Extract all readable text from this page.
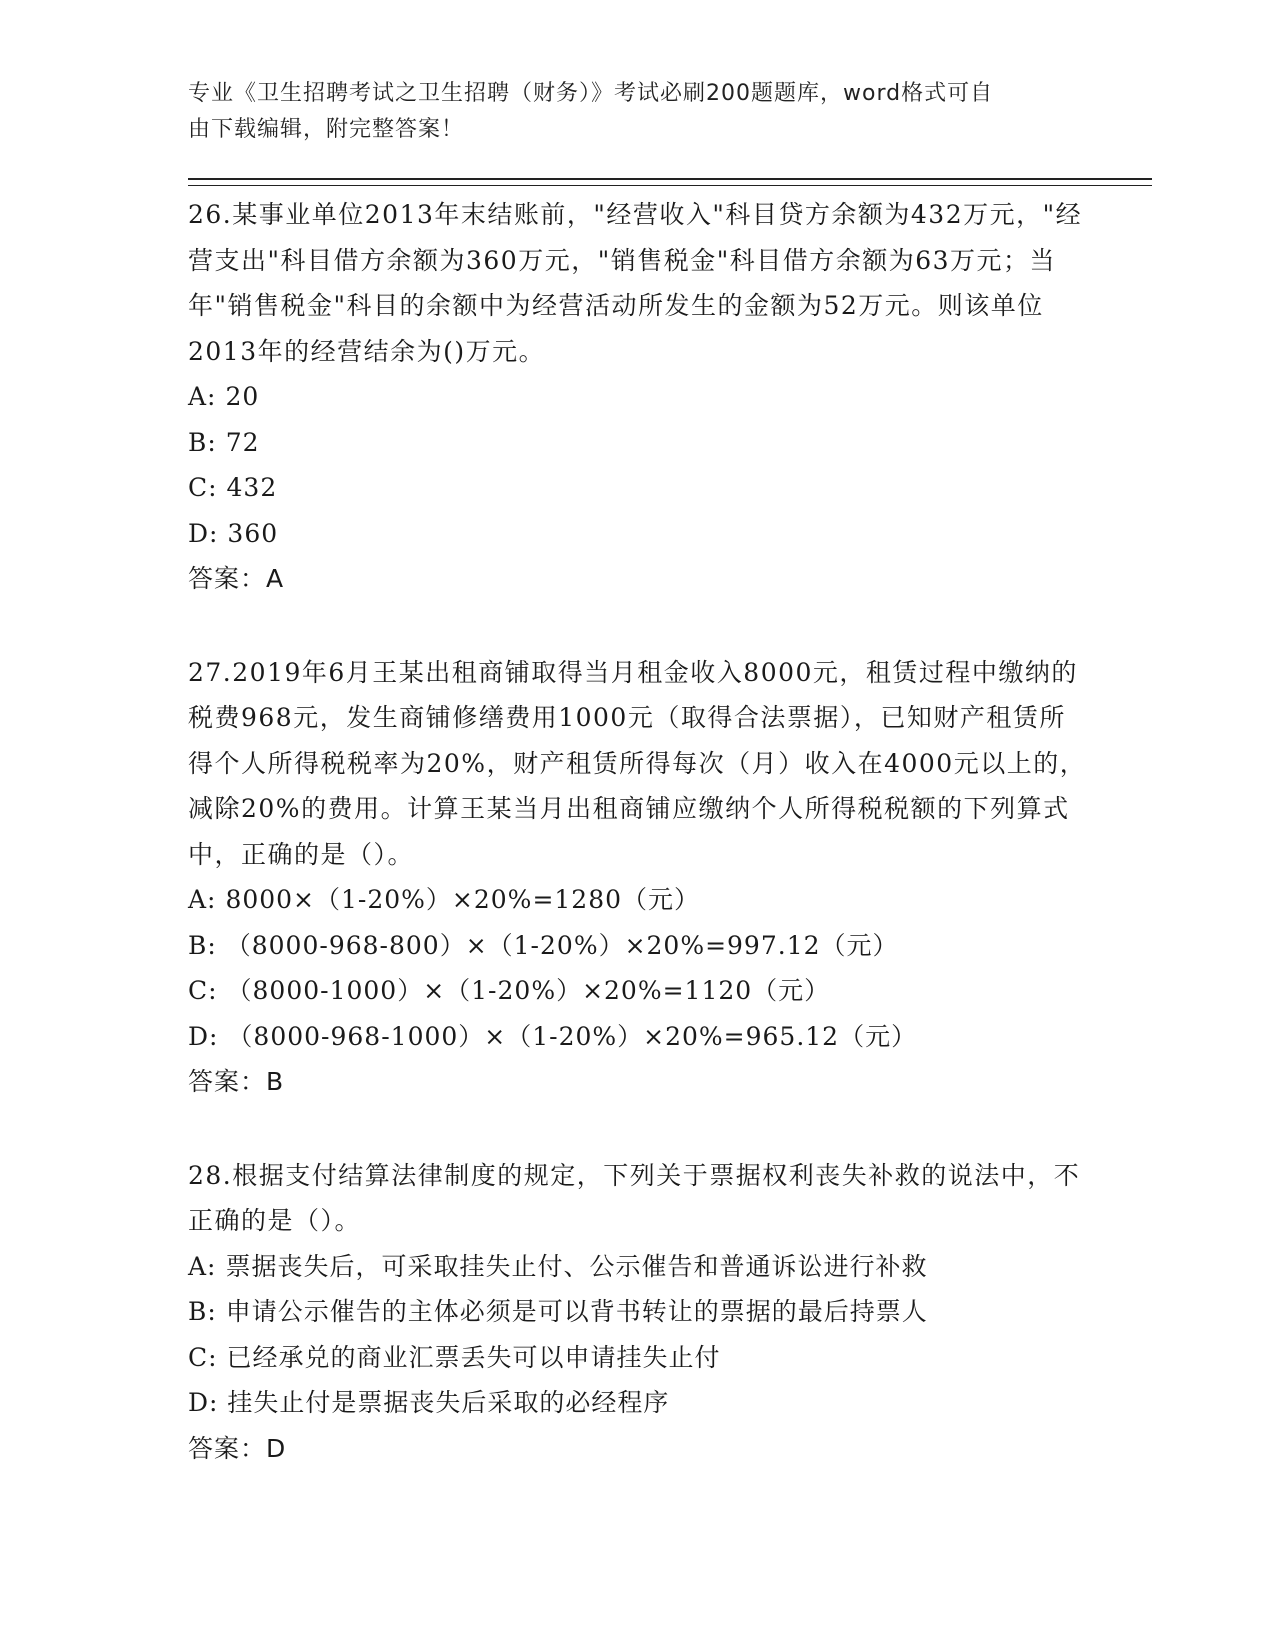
专业《卫生招聘考试之卫生招聘（财务）》考试必刷200题题库，word格式可自
由下载编辑，附完整答案！
26.某事业单位2013年末结账前，"经营收入"科目贷方余额为432万元，"经营支出"科目借方余额为360万元，"销售税金"科目借方余额为63万元；当年"销售税金"科目的余额中为经营活动所发生的金额为52万元。则该单位2013年的经营结余为()万元。
A: 20
B: 72
C: 432
D: 360
答案：A
27.2019年6月王某出租商铺取得当月租金收入8000元，租赁过程中缴纳的税费968元，发生商铺修缮费用1000元（取得合法票据），已知财产租赁所得个人所得税税率为20%，财产租赁所得每次（月）收入在4000元以上的，减除20%的费用。计算王某当月出租商铺应缴纳个人所得税税额的下列算式中，正确的是（）。
A: 8000×（1-20%）×20%=1280（元）
B: （8000-968-800）×（1-20%）×20%=997.12（元）
C: （8000-1000）×（1-20%）×20%=1120（元）
D: （8000-968-1000）×（1-20%）×20%=965.12（元）
答案：B
28.根据支付结算法律制度的规定，下列关于票据权利丧失补救的说法中，不正确的是（）。
A: 票据丧失后，可采取挂失止付、公示催告和普通诉讼进行补救
B: 申请公示催告的主体必须是可以背书转让的票据的最后持票人
C: 已经承兑的商业汇票丢失可以申请挂失止付
D: 挂失止付是票据丧失后采取的必经程序
答案：D
